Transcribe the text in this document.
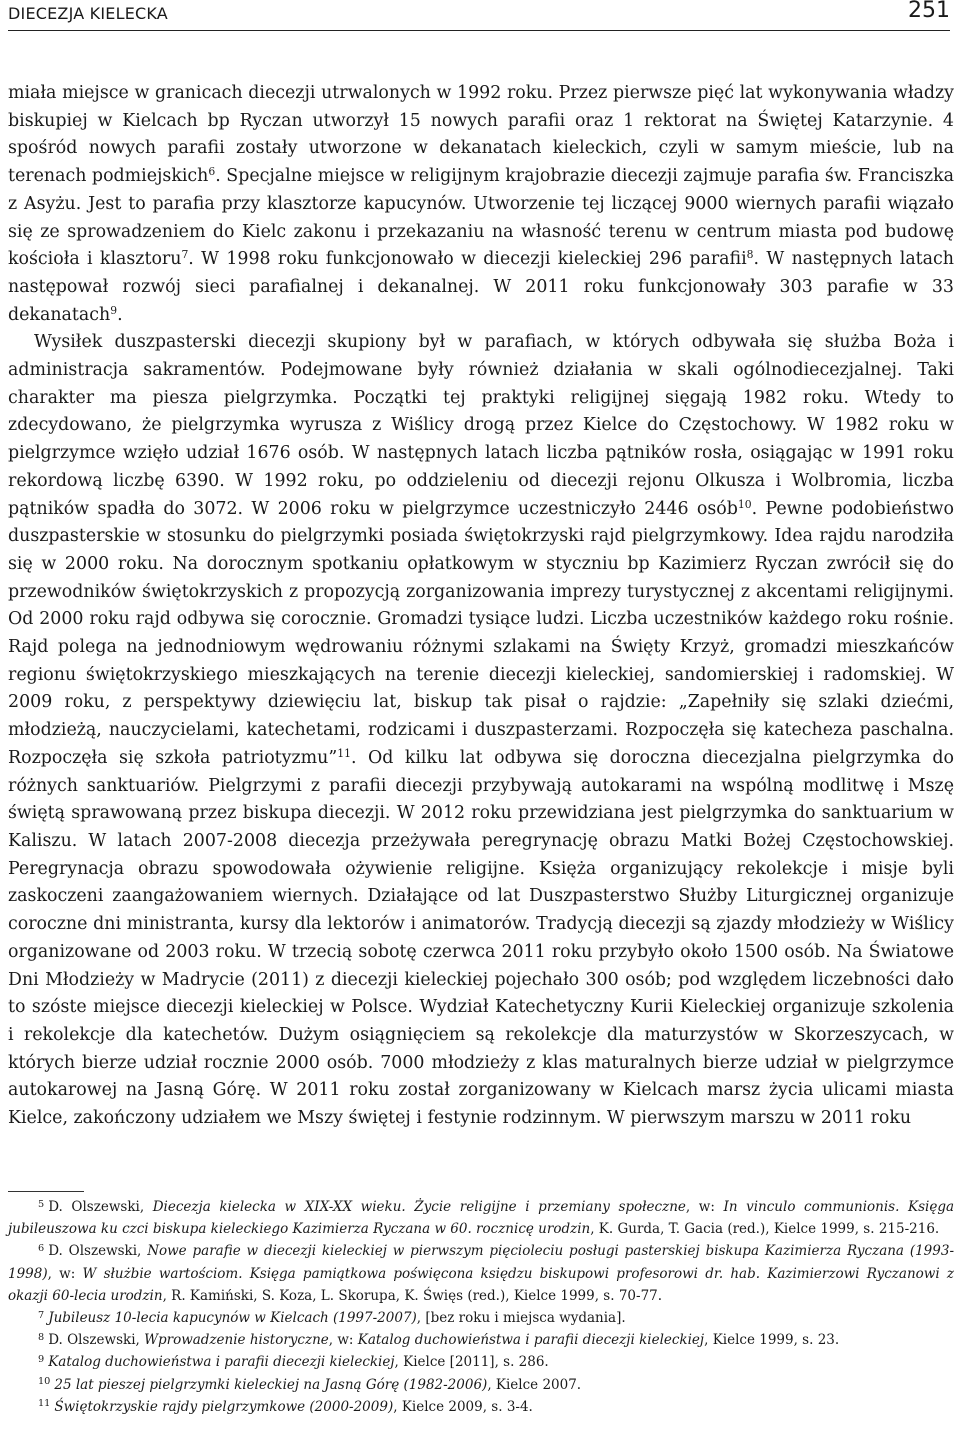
DIECEZJA KIELECKA	251

miała miejsce w granicach diecezji utrwalonych w 1992 roku. Przez pierwsze pięć lat wykonywania władzy biskupiej w Kielcach bp Ryczan utworzył 15 nowych parafii oraz 1 rektorat na Świętej Katarzynie. 4 spośród nowych parafii zostały utworzone w dekanatach kieleckich, czyli w samym mieście, lub na terenach podmiejskich$^6$. Specjalne miejsce w religijnym krajobrazie diecezji zajmuje parafia św. Franciszka z Asyżu. Jest to parafia przy klasztorze kapucynów. Utworzenie tej liczącej 9000 wiernych parafii wiązało się ze sprowadzeniem do Kielc zakonu i przekazaniu na własność terenu w centrum miasta pod budowę kościoła i klasztoru$^7$. W 1998 roku funkcjonowało w diecezji kieleckiej 296 parafii$^8$. W następnych latach następował rozwój sieci parafialnej i dekanalnej. W 2011 roku funkcjonowały 303 parafie w 33 dekanatach$^9$.

Wysiłek duszpasterski diecezji skupiony był w parafiach, w których odbywała się służba Boża i administracja sakramentów. Podejmowane były również działania w skali ogólnodiecezjalnej. Taki charakter ma piesza pielgrzymka. Początki tej praktyki religijnej sięgają 1982 roku. Wtedy to zdecydowano, że pielgrzymka wyrusza z Wiślicy drogą przez Kielce do Częstochowy. W 1982 roku w pielgrzymce wzięło udział 1676 osób. W następnych latach liczba pątników rosła, osiągając w 1991 roku rekordową liczbę 6390. W 1992 roku, po oddzieleniu od diecezji rejonu Olkusza i Wolbromia, liczba pątników spadła do 3072. W 2006 roku w pielgrzymce uczestniczyło 2446 osób$^{10}$. Pewne podobieństwo duszpasterskie w stosunku do pielgrzymki posiada świętokrzyski rajd pielgrzymkowy. Idea rajdu narodziła się w 2000 roku. Na dorocznym spotkaniu opłatkowym w styczniu bp Kazimierz Ryczan zwrócił się do przewodników świętokrzyskich z propozycją zorganizowania imprezy turystycznej z akcentami religijnymi. Od 2000 roku rajd odbywa się corocznie. Gromadzi tysiące ludzi. Liczba uczestników każdego roku rośnie. Rajd polega na jednodniowym wędrowaniu różnymi szlakami na Święty Krzyż, gromadzi mieszkańców regionu świętokrzyskiego mieszkających na terenie diecezji kieleckiej, sandomierskiej i radomskiej. W 2009 roku, z perspektywy dziewięciu lat, biskup tak pisał o rajdzie: „Zapełniły się szlaki dziećmi, młodzieżą, nauczycielami, katechetami, rodzicami i duszpasterzami. Rozpoczęła się katecheza paschalna. Rozpoczęła się szkoła patriotyzmu”$^{11}$. Od kilku lat odbywa się doroczna diecezjalna pielgrzymka do różnych sanktuariów. Pielgrzymi z parafii diecezji przybywają autokarami na wspólną modlitwę i Mszę świętą sprawowaną przez biskupa diecezji. W 2012 roku przewidziana jest pielgrzymka do sanktuarium w Kaliszu. W latach 2007-2008 diecezja przeżywała peregrynację obrazu Matki Bożej Częstochowskiej. Peregrynacja obrazu spowodowała ożywienie religijne. Księża organizujący rekolekcje i misje byli zaskoczeni zaangażowaniem wiernych. Działające od lat Duszpasterstwo Służby Liturgicznej organizuje coroczne dni ministranta, kursy dla lektorów i animatorów. Tradycją diecezji są zjazdy młodzieży w Wiślicy organizowane od 2003 roku. W trzecią sobotę czerwca 2011 roku przybyło około 1500 osób. Na Światowe Dni Młodzieży w Madrycie (2011) z diecezji kieleckiej pojechało 300 osób; pod względem liczebności dało to szóste miejsce diecezji kieleckiej w Polsce. Wydział Katechetyczny Kurii Kieleckiej organizuje szkolenia i rekolekcje dla katechetów. Dużym osiągnięciem są rekolekcje dla maturzystów w Skorzeszycach, w których bierze udział rocznie 2000 osób. 7000 młodzieży z klas maturalnych bierze udział w pielgrzymce autokarowej na Jasną Górę. W 2011 roku został zorganizowany w Kielcach marsz życia ulicami miasta Kielce, zakończony udziałem we Mszy świętej i festynie rodzinnym. W pierwszym marszu w 2011 roku

$^5$ D. Olszewski, Diecezja kielecka w XIX-XX wieku. Życie religijne i przemiany społeczne, w: In vinculo communionis. Księga jubileuszowa ku czci biskupa kieleckiego Kazimierza Ryczana w 60. rocznicę urodzin, K. Gurda, T. Gacia (red.), Kielce 1999, s. 215-216.

$^6$ D. Olszewski, Nowe parafie w diecezji kieleckiej w pierwszym pięcioleciu posługi pasterskiej biskupa Kazimierza Ryczana (1993-1998), w: W służbie wartościom. Księga pamiątkowa poświęcona księdzu biskupowi profesorowi dr. hab. Kazimierzowi Ryczanowi z okazji 60-lecia urodzin, R. Kamiński, S. Koza, L. Skorupa, K. Święs (red.), Kielce 1999, s. 70-77.

$^7$ Jubileusz 10-lecia kapucynów w Kielcach (1997-2007), [bez roku i miejsca wydania].

$^8$ D. Olszewski, Wprowadzenie historyczne, w: Katalog duchowieństwa i parafii diecezji kieleckiej, Kielce 1999, s. 23.

$^9$ Katalog duchowieństwa i parafii diecezji kieleckiej, Kielce [2011], s. 286.

$^{10}$ 25 lat pieszej pielgrzymki kieleckiej na Jasną Górę (1982-2006), Kielce 2007.

$^{11}$ Świętokrzyskie rajdy pielgrzymkowe (2000-2009), Kielce 2009, s. 3-4.
